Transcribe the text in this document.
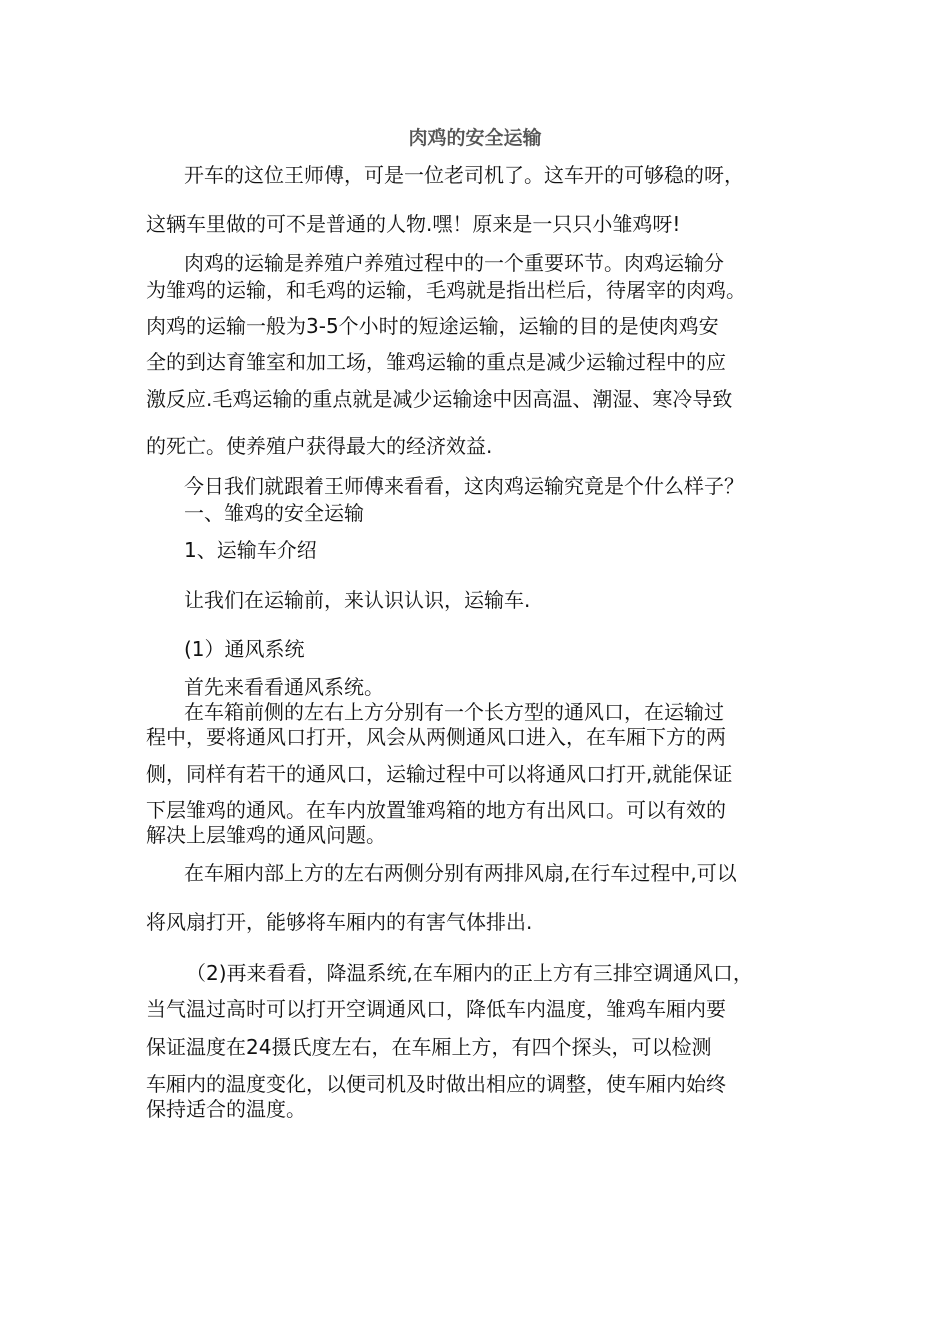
肉鸡的安全运输
开车的这位王师傅，可是一位老司机了。这车开的可够稳的呀，
这辆车里做的可不是普通的人物.嘿！原来是一只只小雏鸡呀!
肉鸡的运输是养殖户养殖过程中的一个重要环节。肉鸡运输分
为雏鸡的运输，和毛鸡的运输，毛鸡就是指出栏后，待屠宰的肉鸡。
肉鸡的运输一般为3-5个小时的短途运输，运输的目的是使肉鸡安
全的到达育雏室和加工场，雏鸡运输的重点是减少运输过程中的应
激反应.毛鸡运输的重点就是减少运输途中因高温、潮湿、寒冷导致
的死亡。使养殖户获得最大的经济效益.
今日我们就跟着王师傅来看看，这肉鸡运输究竟是个什么样子？
一、雏鸡的安全运输
1、运输车介绍
让我们在运输前，来认识认识，运输车.
(1）通风系统
首先来看看通风系统。
在车箱前侧的左右上方分别有一个长方型的通风口，在运输过
程中，要将通风口打开，风会从两侧通风口进入，在车厢下方的两
侧，同样有若干的通风口，运输过程中可以将通风口打开,就能保证
下层雏鸡的通风。在车内放置雏鸡箱的地方有出风口。可以有效的
解决上层雏鸡的通风问题。
在车厢内部上方的左右两侧分别有两排风扇,在行车过程中,可以
将风扇打开，能够将车厢内的有害气体排出.
（2)再来看看，降温系统,在车厢内的正上方有三排空调通风口，
当气温过高时可以打开空调通风口，降低车内温度，雏鸡车厢内要
保证温度在24摄氏度左右，在车厢上方，有四个探头，可以检测
车厢内的温度变化，以便司机及时做出相应的调整，使车厢内始终
保持适合的温度。
